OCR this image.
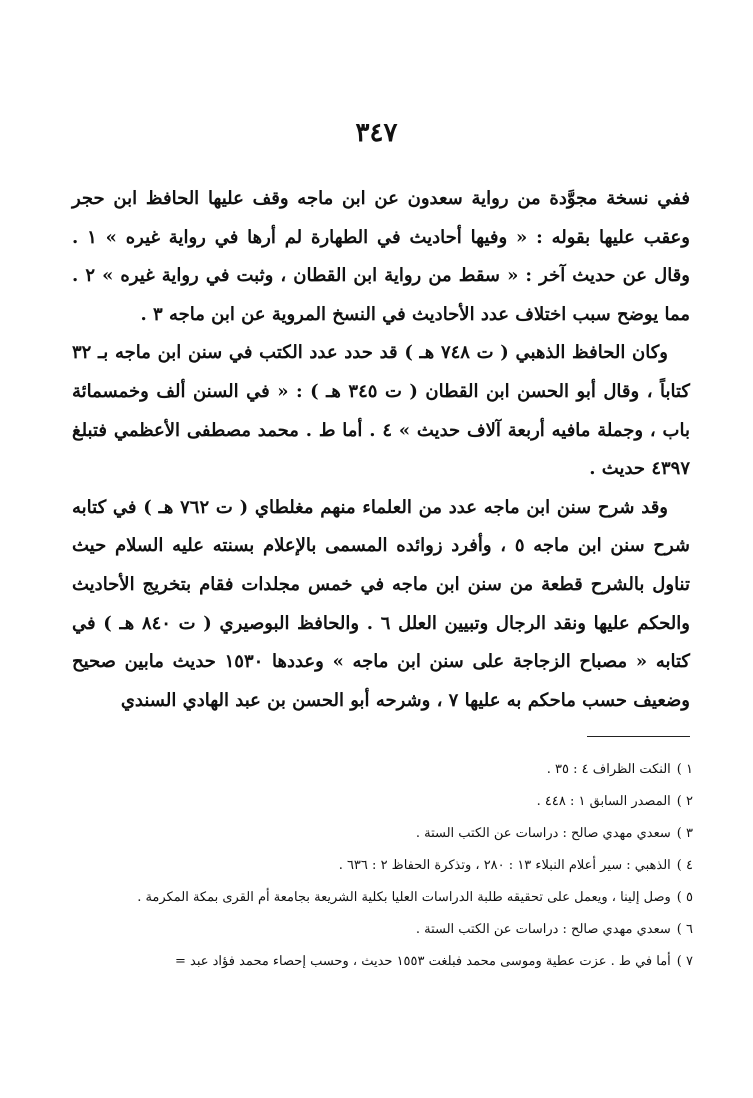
٣٤٧

ففي نسخة مجوَّدة من رواية سعدون عن ابن ماجه وقف عليها الحافظ ابن حجر وعقب عليها بقوله : « وفيها أحاديث في الطهارة لم أرها في رواية غيره » ١ . وقال عن حديث آخر : « سقط من رواية ابن القطان ، وثبت في رواية غيره » ٢ . مما يوضح سبب اختلاف عدد الأحاديث في النسخ المروية عن ابن ماجه ٣ .

وكان الحافظ الذهبي ( ت ٧٤٨ هـ ) قد حدد عدد الكتب في سنن ابن ماجه بـ ٣٢ كتاباً ، وقال أبو الحسن ابن القطان ( ت ٣٤٥ هـ ) : « في السنن ألف وخمسمائة باب ، وجملة مافيه أربعة آلاف حديث » ٤ . أما ط . محمد مصطفى الأعظمي فتبلغ ٤٣٩٧ حديث .

وقد شرح سنن ابن ماجه عدد من العلماء منهم مغلطاي ( ت ٧٦٢ هـ ) في كتابه شرح سنن ابن ماجه ٥ ، وأفرد زوائده المسمى بالإعلام بسنته عليه السلام حيث تناول بالشرح قطعة من سنن ابن ماجه في خمس مجلدات فقام بتخريج الأحاديث والحكم عليها ونقد الرجال وتبيين العلل ٦ . والحافظ البوصيري ( ت ٨٤٠ هـ ) في كتابه « مصباح الزجاجة على سنن ابن ماجه » وعددها ١٥٣٠ حديث مابين صحيح وضعيف حسب ماحكم به عليها ٧ ، وشرحه أبو الحسن بن عبد الهادي السندي

١ )النكت الظراف ٤ : ٣٥ .

٢ )المصدر السابق ١ : ٤٤٨ .

٣ )سعدي مهدي صالح : دراسات عن الكتب الستة .

٤ )الذهبي : سير أعلام النبلاء ١٣ : ٢٨٠ ، وتذكرة الحفاظ ٢ : ٦٣٦ .

٥ )وصل إلينا ، ويعمل على تحقيقه طلبة الدراسات العليا بكلية الشريعة بجامعة أم القرى بمكة المكرمة .

٦ )سعدي مهدي صالح : دراسات عن الكتب الستة .

٧ )أما في ط . عزت عطية وموسى محمد فبلغت ١٥٥٣ حديث ، وحسب إحصاء محمد فؤاد عبد =
